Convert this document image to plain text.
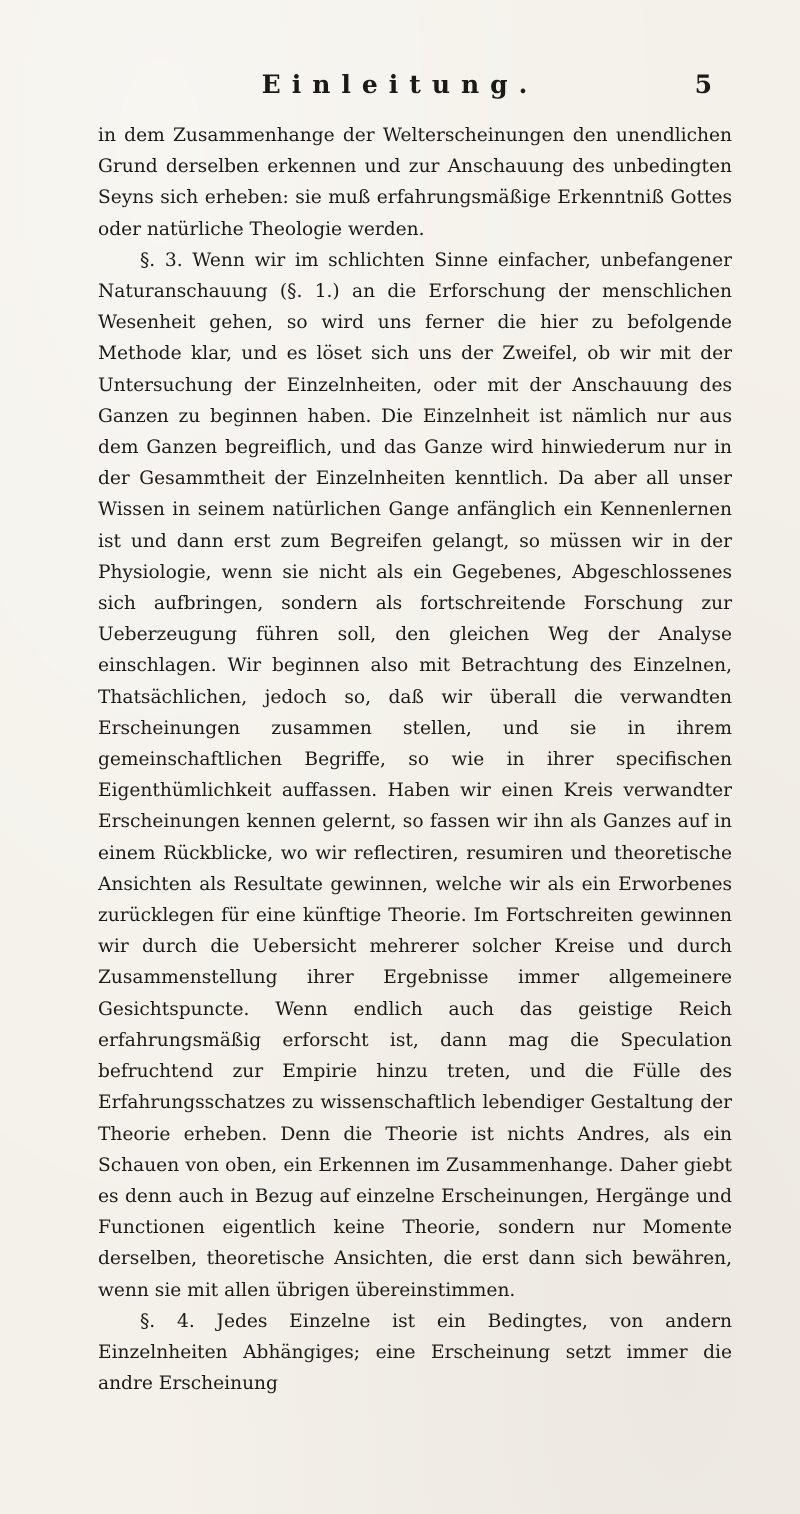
Einleitung.	5

in dem Zusammenhange der Welterscheinungen den unendlichen Grund derselben erkennen und zur Anschauung des unbedingten Seyns sich erheben: sie muß erfahrungsmäßige Erkenntniß Gottes oder natürliche Theologie werden.

§. 3. Wenn wir im schlichten Sinne einfacher, unbefangener Naturanschauung (§. 1.) an die Erforschung der menschlichen Wesenheit gehen, so wird uns ferner die hier zu befolgende Methode klar, und es löset sich uns der Zweifel, ob wir mit der Untersuchung der Einzelnheiten, oder mit der Anschauung des Ganzen zu beginnen haben. Die Einzelnheit ist nämlich nur aus dem Ganzen begreiflich, und das Ganze wird hinwiederum nur in der Gesammtheit der Einzelnheiten kenntlich. Da aber all unser Wissen in seinem natürlichen Gange anfänglich ein Kennenlernen ist und dann erst zum Begreifen gelangt, so müssen wir in der Physiologie, wenn sie nicht als ein Gegebenes, Abgeschlossenes sich aufbringen, sondern als fortschreitende Forschung zur Ueberzeugung führen soll, den gleichen Weg der Analyse einschlagen. Wir beginnen also mit Betrachtung des Einzelnen, Thatsächlichen, jedoch so, daß wir überall die verwandten Erscheinungen zusammen stellen, und sie in ihrem gemeinschaftlichen Begriffe, so wie in ihrer specifischen Eigenthümlichkeit auffassen. Haben wir einen Kreis verwandter Erscheinungen kennen gelernt, so fassen wir ihn als Ganzes auf in einem Rückblicke, wo wir reflectiren, resumiren und theoretische Ansichten als Resultate gewinnen, welche wir als ein Erworbenes zurücklegen für eine künftige Theorie. Im Fortschreiten gewinnen wir durch die Uebersicht mehrerer solcher Kreise und durch Zusammenstellung ihrer Ergebnisse immer allgemeinere Gesichtspuncte. Wenn endlich auch das geistige Reich erfahrungsmäßig erforscht ist, dann mag die Speculation befruchtend zur Empirie hinzu treten, und die Fülle des Erfahrungsschatzes zu wissenschaftlich lebendiger Gestaltung der Theorie erheben. Denn die Theorie ist nichts Andres, als ein Schauen von oben, ein Erkennen im Zusammenhange. Daher giebt es denn auch in Bezug auf einzelne Erscheinungen, Hergänge und Functionen eigentlich keine Theorie, sondern nur Momente derselben, theoretische Ansichten, die erst dann sich bewähren, wenn sie mit allen übrigen übereinstimmen.

§. 4. Jedes Einzelne ist ein Bedingtes, von andern Einzelnheiten Abhängiges; eine Erscheinung setzt immer die andre Erscheinung
